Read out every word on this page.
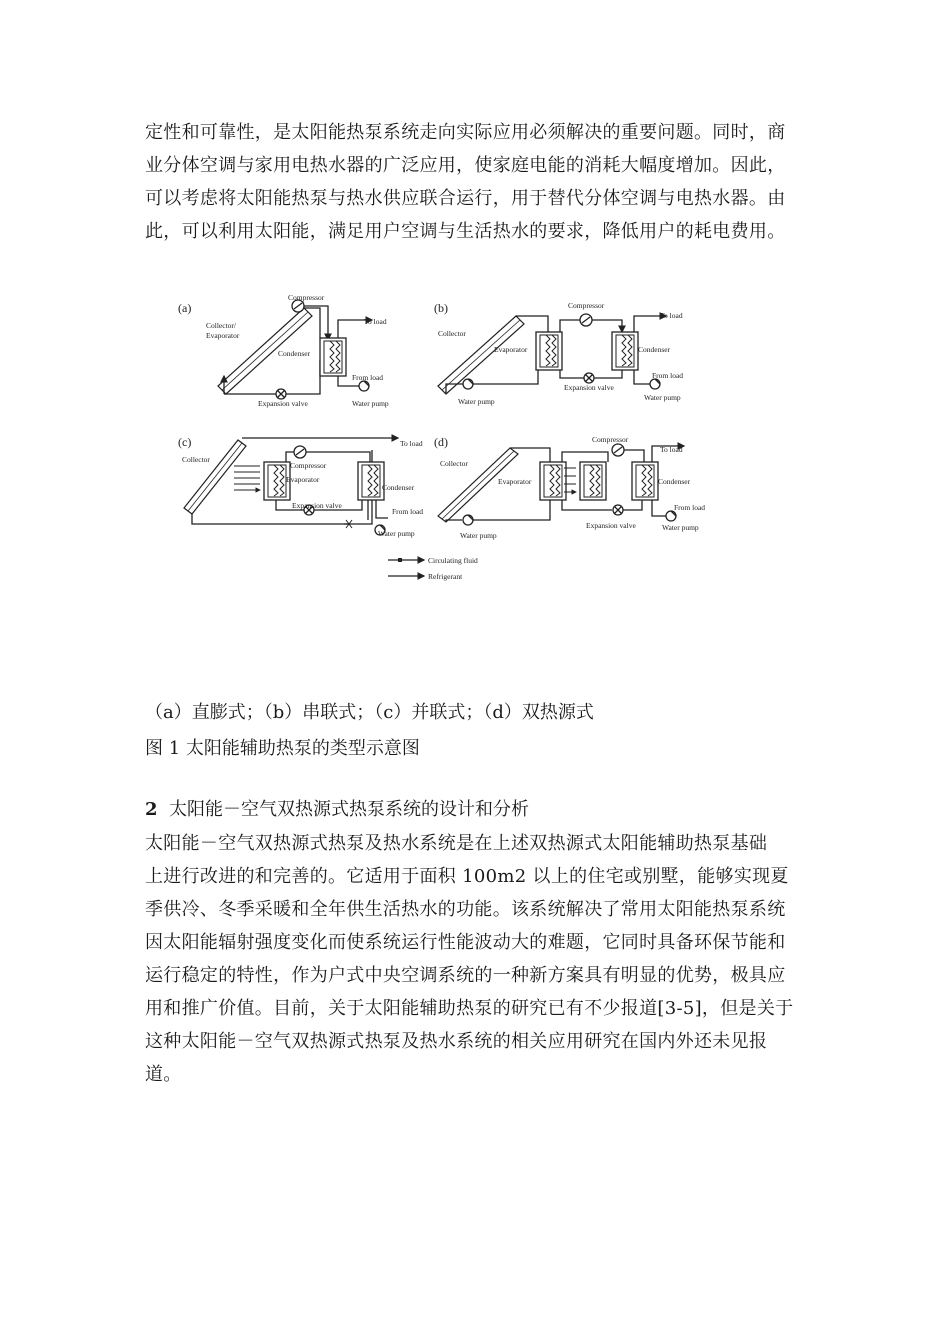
定性和可靠性，是太阳能热泵系统走向实际应用必须解决的重要问题。同时，商
业分体空调与家用电热水器的广泛应用，使家庭电能的消耗大幅度增加。因此，
可以考虑将太阳能热泵与热水供应联合运行，用于替代分体空调与电热水器。由
此，可以利用太阳能，满足用户空调与生活热水的要求，降低用户的耗电费用。
(a)
Collector/
Evaporator
Compressor
To load
Condenser
From load
Expansion valve	Water pump
(b)
Collector
Compressor
To load
Evaporator	Condenser
From load
Expansion valve
Water pump	Water pump
(c)
Collector
To load
Compressor
Evaporator
Condenser
Expansion valve
From load
Water pump
(d)
Collector
Compressor
To load
Evaporator	Condenser
From load
Expansion valve
Water pump
Water pump
Circulating fluid
Refrigerant
（a）直膨式；（b）串联式；（c）并联式；（d）双热源式
图 1 太阳能辅助热泵的类型示意图
2 太阳能－空气双热源式热泵系统的设计和分析
太阳能－空气双热源式热泵及热水系统是在上述双热源式太阳能辅助热泵基础
上进行改进的和完善的。它适用于面积 100m2 以上的住宅或别墅，能够实现夏
季供冷、冬季采暖和全年供生活热水的功能。该系统解决了常用太阳能热泵系统
因太阳能辐射强度变化而使系统运行性能波动大的难题，它同时具备环保节能和
运行稳定的特性，作为户式中央空调系统的一种新方案具有明显的优势，极具应
用和推广价值。目前，关于太阳能辅助热泵的研究已有不少报道[3-5]，但是关于
这种太阳能－空气双热源式热泵及热水系统的相关应用研究在国内外还未见报
道。
